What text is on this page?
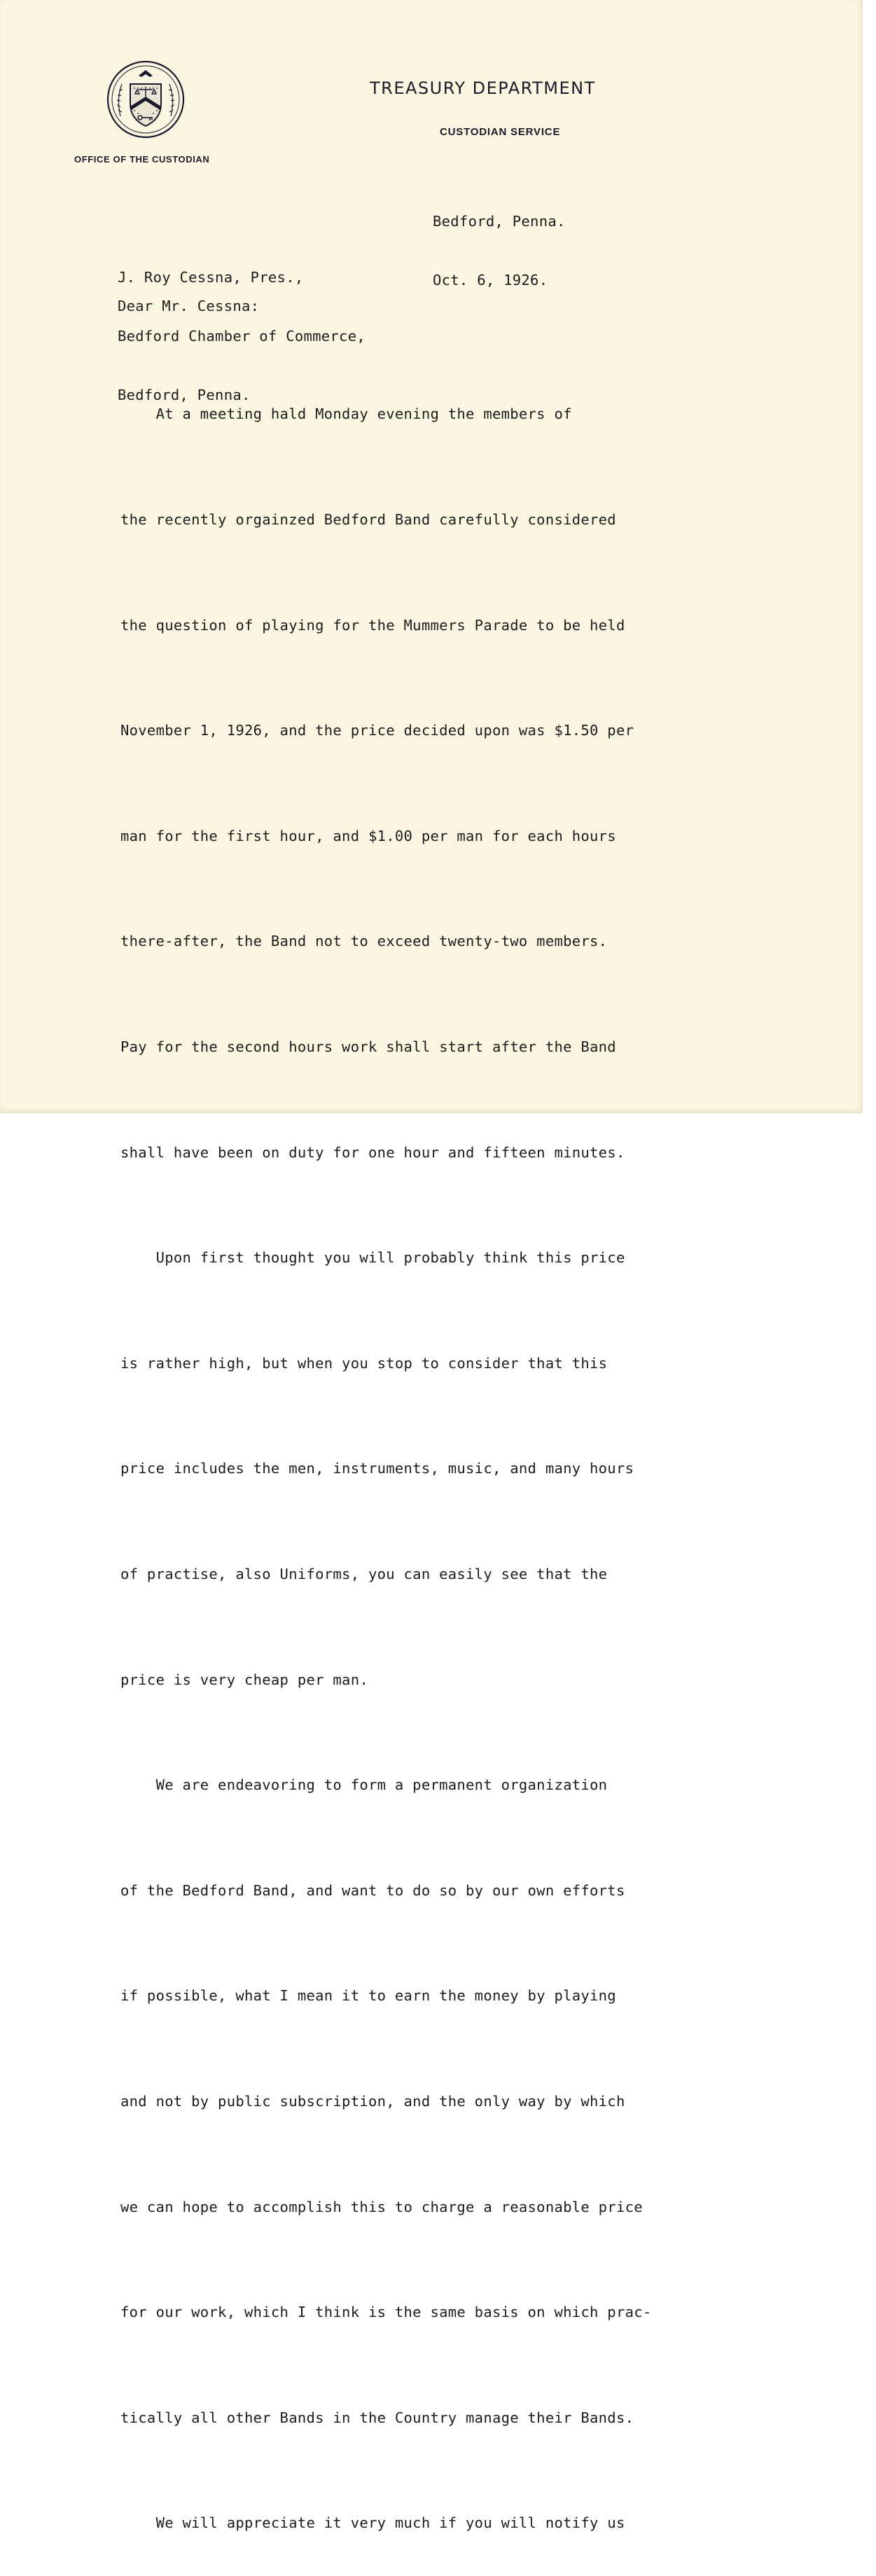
OFFICE OF THE CUSTODIAN
TREASURY DEPARTMENT
CUSTODIAN SERVICE

Bedford, Penna.

Oct. 6, 1926.

J. Roy Cessna, Pres.,

Bedford Chamber of Commerce,

Bedford, Penna.

Dear Mr. Cessna:

At a meeting hald Monday evening the members of

the recently orgainzed Bedford Band carefully considered

the question of playing for the Mummers Parade to be held

November 1, 1926, and the price decided upon was $1.50 per

man for the first hour, and $1.00 per man for each hours

there-after, the Band not to exceed twenty-two members.

Pay for the second hours work shall start after the Band

shall have been on duty for one hour and fifteen minutes.

Upon first thought you will probably think this price

is rather high, but when you stop to consider that this

price includes the men, instruments, music, and many hours

of practise, also Uniforms, you can easily see that the

price is very cheap per man.

We are endeavoring to form a permanent organization

of the Bedford Band, and want to do so by our own efforts

if possible, what I mean it to earn the money by playing

and not by public subscription, and the only way by which

we can hope to accomplish this to charge a reasonable price

for our work, which I think is the same basis on which prac-

tically all other Bands in the Country manage their Bands.

We will appreciate it very much if you will notify us
